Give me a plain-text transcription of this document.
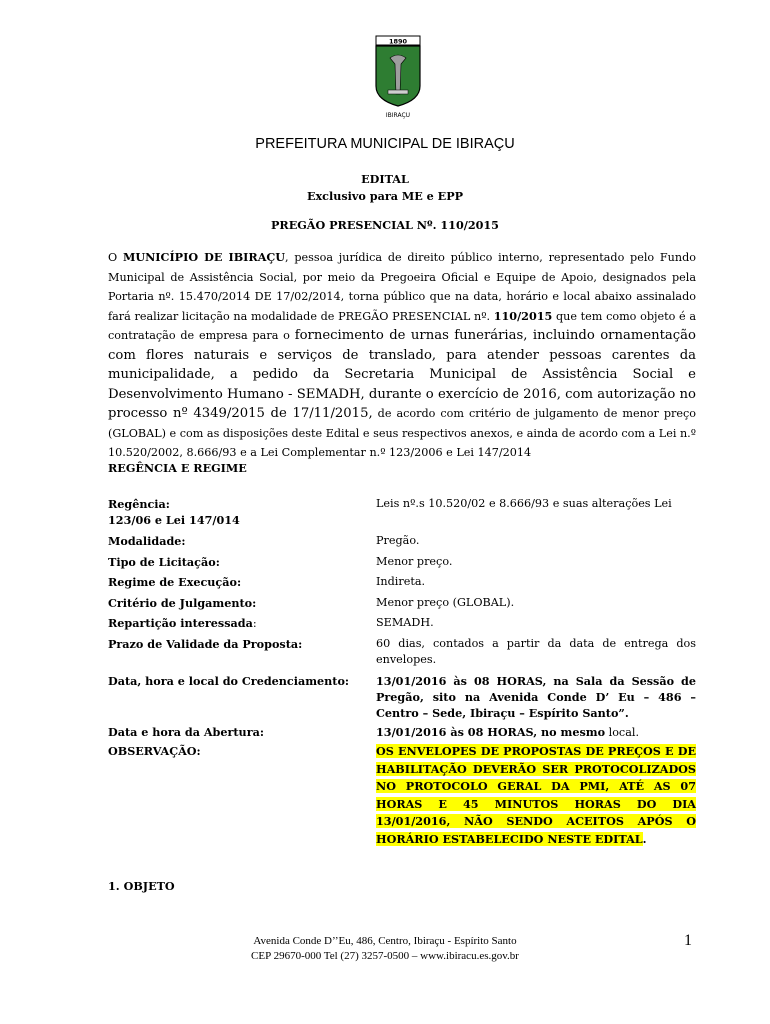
1890
IBIRAÇU
PREFEITURA MUNICIPAL DE IBIRAÇU
EDITAL
Exclusivo para ME e EPP
PREGÃO PRESENCIAL Nº. 110/2015
O MUNICÍPIO DE IBIRAÇU, pessoa jurídica de direito público interno, representado pelo Fundo Municipal de Assistência Social, por meio da Pregoeira Oficial e Equipe de Apoio, designados pela Portaria nº. 15.470/2014 DE 17/02/2014, torna público que na data, horário e local abaixo assinalado fará realizar licitação na modalidade de PREGÃO PRESENCIAL nº. 110/2015 que tem como objeto é a contratação de empresa para o fornecimento de urnas funerárias, incluindo ornamentação com flores naturais e serviços de translado, para atender pessoas carentes da municipalidade, a pedido da Secretaria Municipal de Assistência Social e Desenvolvimento Humano - SEMADH, durante o exercício de 2016, com autorização no processo nº 4349/2015 de 17/11/2015, de acordo com critério de julgamento de menor preço (GLOBAL) e com as disposições deste Edital e seus respectivos anexos, e ainda de acordo com a Lei n.º 10.520/2002, 8.666/93 e a Lei Complementar n.º 123/2006 e Lei 147/2014
REGÊNCIA E REGIME
Regência:	Leis nº.s 10.520/02 e 8.666/93 e suas alterações Lei
123/06 e Lei 147/014
Modalidade:	Pregão.
Tipo de Licitação:	Menor preço.
Regime de Execução:	Indireta.
Critério de Julgamento:	Menor preço (GLOBAL).
Repartição interessada:	SEMADH.
Prazo de Validade da Proposta:	60 dias, contados a partir da data de entrega dos envelopes.
Data, hora e local do Credenciamento:	13/01/2016 às 08 HORAS, na Sala da Sessão de Pregão, sito na Avenida Conde D’ Eu – 486 – Centro – Sede, Ibiraçu – Espírito Santo”.
Data e hora da Abertura:	13/01/2016 às 08 HORAS, no mesmo local.
OBSERVAÇÃO:	OS ENVELOPES DE PROPOSTAS DE PREÇOS E DE HABILITAÇÃO DEVERÃO SER PROTOCOLIZADOS NO PROTOCOLO GERAL DA PMI, ATÉ AS 07 HORAS E 45 MINUTOS HORAS DO DIA 13/01/2016, NÃO SENDO ACEITOS APÓS O HORÁRIO ESTABELECIDO NESTE EDITAL.
1. OBJETO
Avenida Conde D’’Eu, 486, Centro, Ibiraçu - Espírito Santo
CEP 29670-000 Tel (27) 3257-0500 – www.ibiracu.es.gov.br
1
